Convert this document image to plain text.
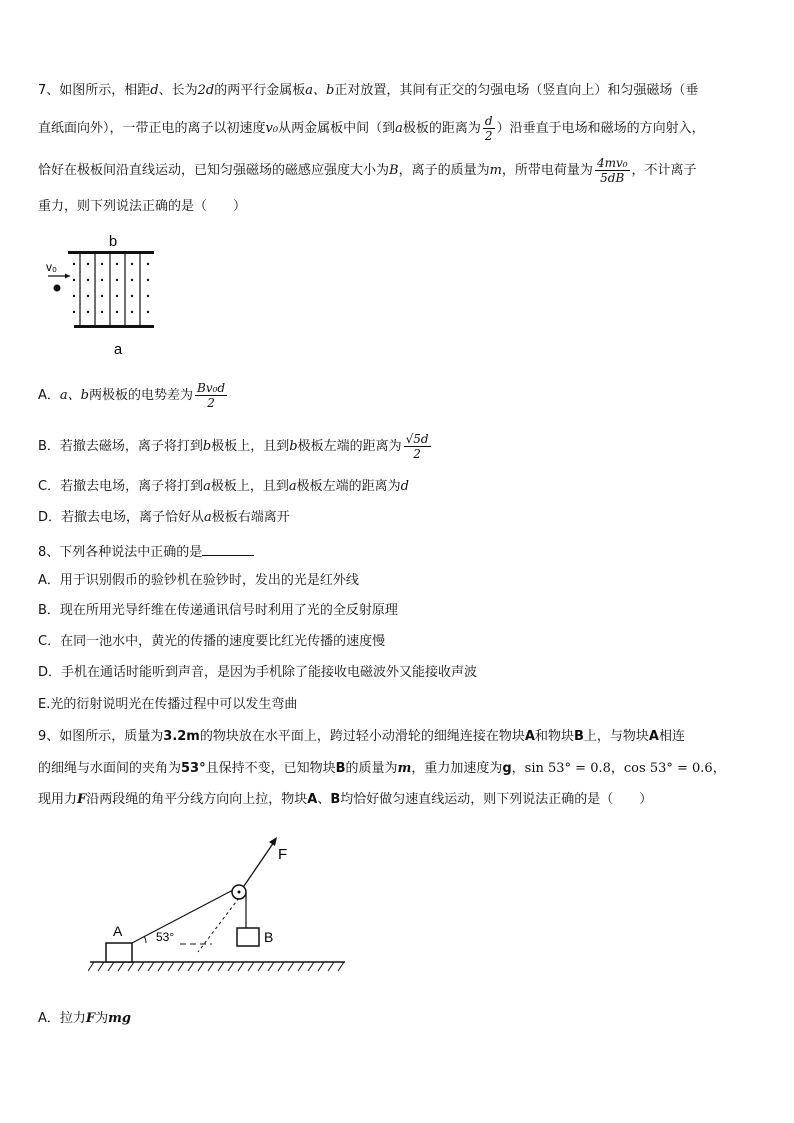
7、如图所示，相距d、长为2d的两平行金属板a、b正对放置，其间有正交的匀强电场（竖直向上）和匀强磁场（垂
直纸面向外），一带正电的离子以初速度v₀从两金属板中间（到a极板的距离为 $\frac{d}{2}$ ）沿垂直于电场和磁场的方向射入，
恰好在极板间沿直线运动，已知匀强磁场的磁感应强度大小为B，离子的质量为m，所带电荷量为 $\frac{\text{4mv₀}}{5dB}$ ，不计离子
重力，则下列说法正确的是（　　）
b
v₀
a
A．a、b两极板的电势差为 $\frac{\text{Bv₀d}}{2}$
B．若撤去磁场，离子将打到b极板上，且到b极板左端的距离为 $\frac{√5d}{2}$
C．若撤去电场，离子将打到a极板上，且到a极板左端的距离为d
D．若撤去电场，离子恰好从a极板右端离开
8、下列各种说法中正确的是
A．用于识别假币的验钞机在验钞时，发出的光是红外线
B．现在所用光导纤维在传递通讯信号时利用了光的全反射原理
C．在同一池水中，黄光的传播的速度要比红光传播的速度慢
D．手机在通话时能听到声音，是因为手机除了能接收电磁波外又能接收声波
E.光的衍射说明光在传播过程中可以发生弯曲
9、如图所示，质量为3.2m的物块放在水平面上，跨过轻小动滑轮的细绳连接在物块A和物块B上，与物块A相连
的细绳与水面间的夹角为53°且保持不变，已知物块B的质量为m，重力加速度为g，sin 53° = 0.8，cos 53° = 0.6，
现用力F沿两段绳的角平分线方向向上拉，物块A、B均恰好做匀速直线运动，则下列说法正确的是（　　）
A	B
53°
F
A．拉力F为mg
